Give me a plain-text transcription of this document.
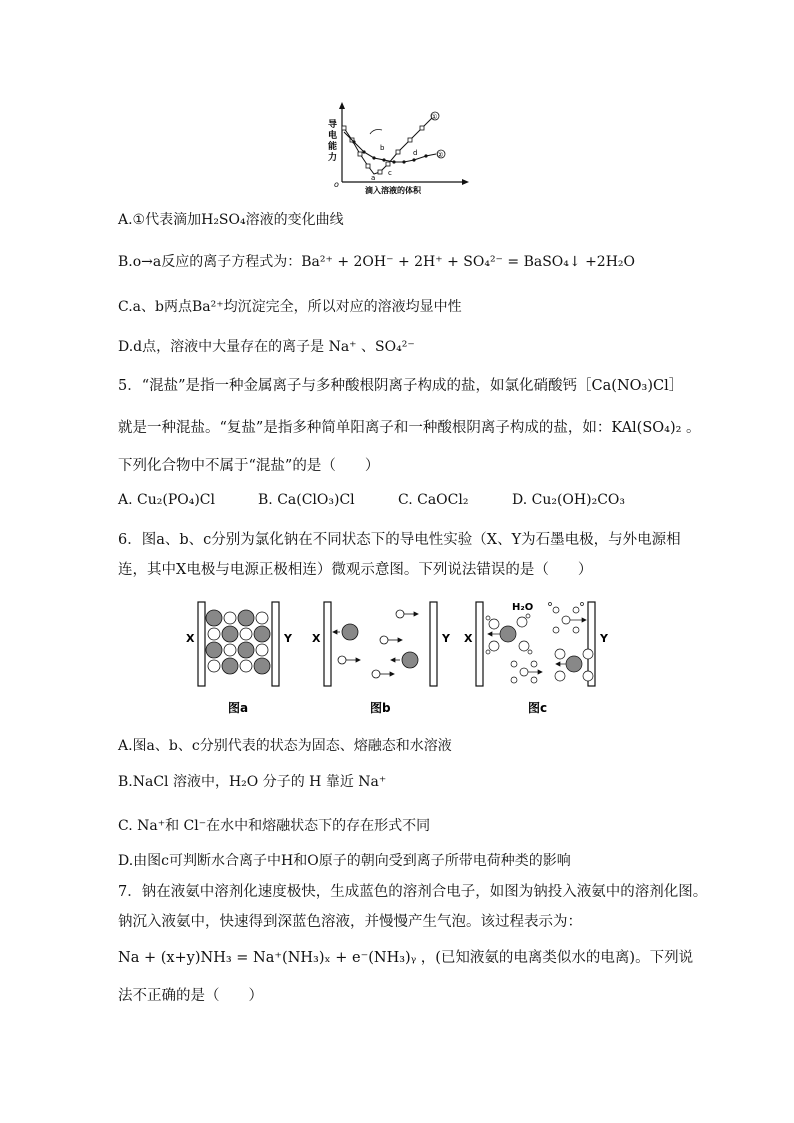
导
电
能
力
o
滴入溶液的体积
①
②
a
b
c
d
A.①代表滴加H₂SO₄溶液的变化曲线
B.o→a反应的离子方程式为：Ba²⁺ + 2OH⁻ + 2H⁺ + SO₄²⁻ = BaSO₄↓ +2H₂O
C.a、b两点Ba²⁺均沉淀完全，所以对应的溶液均显中性
D.d点，溶液中大量存在的离子是 Na⁺ 、SO₄²⁻
5．“混盐”是指一种金属离子与多种酸根阴离子构成的盐，如氯化硝酸钙［Ca(NO₃)Cl］
就是一种混盐。“复盐”是指多种简单阳离子和一种酸根阴离子构成的盐，如：KAl(SO₄)₂ 。
下列化合物中不属于“混盐”的是（　　）
A. Cu₂(PO₄)Cl	B. Ca(ClO₃)Cl	C. CaOCl₂	D. Cu₂(OH)₂CO₃
6．图a、b、c分别为氯化钠在不同状态下的导电性实验（X、Y为石墨电极，与外电源相
连，其中X电极与电源正极相连）微观示意图。下列说法错误的是（　　）
X	Y
图a
X	Y
图b
X	Y
H₂O
图c
A.图a、b、c分别代表的状态为固态、熔融态和水溶液
B.NaCl 溶液中，H₂O 分子的 H 靠近 Na⁺
C. Na⁺和 Cl⁻在水中和熔融状态下的存在形式不同
D.由图c可判断水合离子中H和O原子的朝向受到离子所带电荷种类的影响
7．钠在液氨中溶剂化速度极快，生成蓝色的溶剂合电子，如图为钠投入液氨中的溶剂化图。
钠沉入液氨中，快速得到深蓝色溶液，并慢慢产生气泡。该过程表示为：
Na + (x+y)NH₃ = Na⁺(NH₃)ₓ + e⁻(NH₃)ᵧ ，(已知液氨的电离类似水的电离)。下列说
法不正确的是（　　）
